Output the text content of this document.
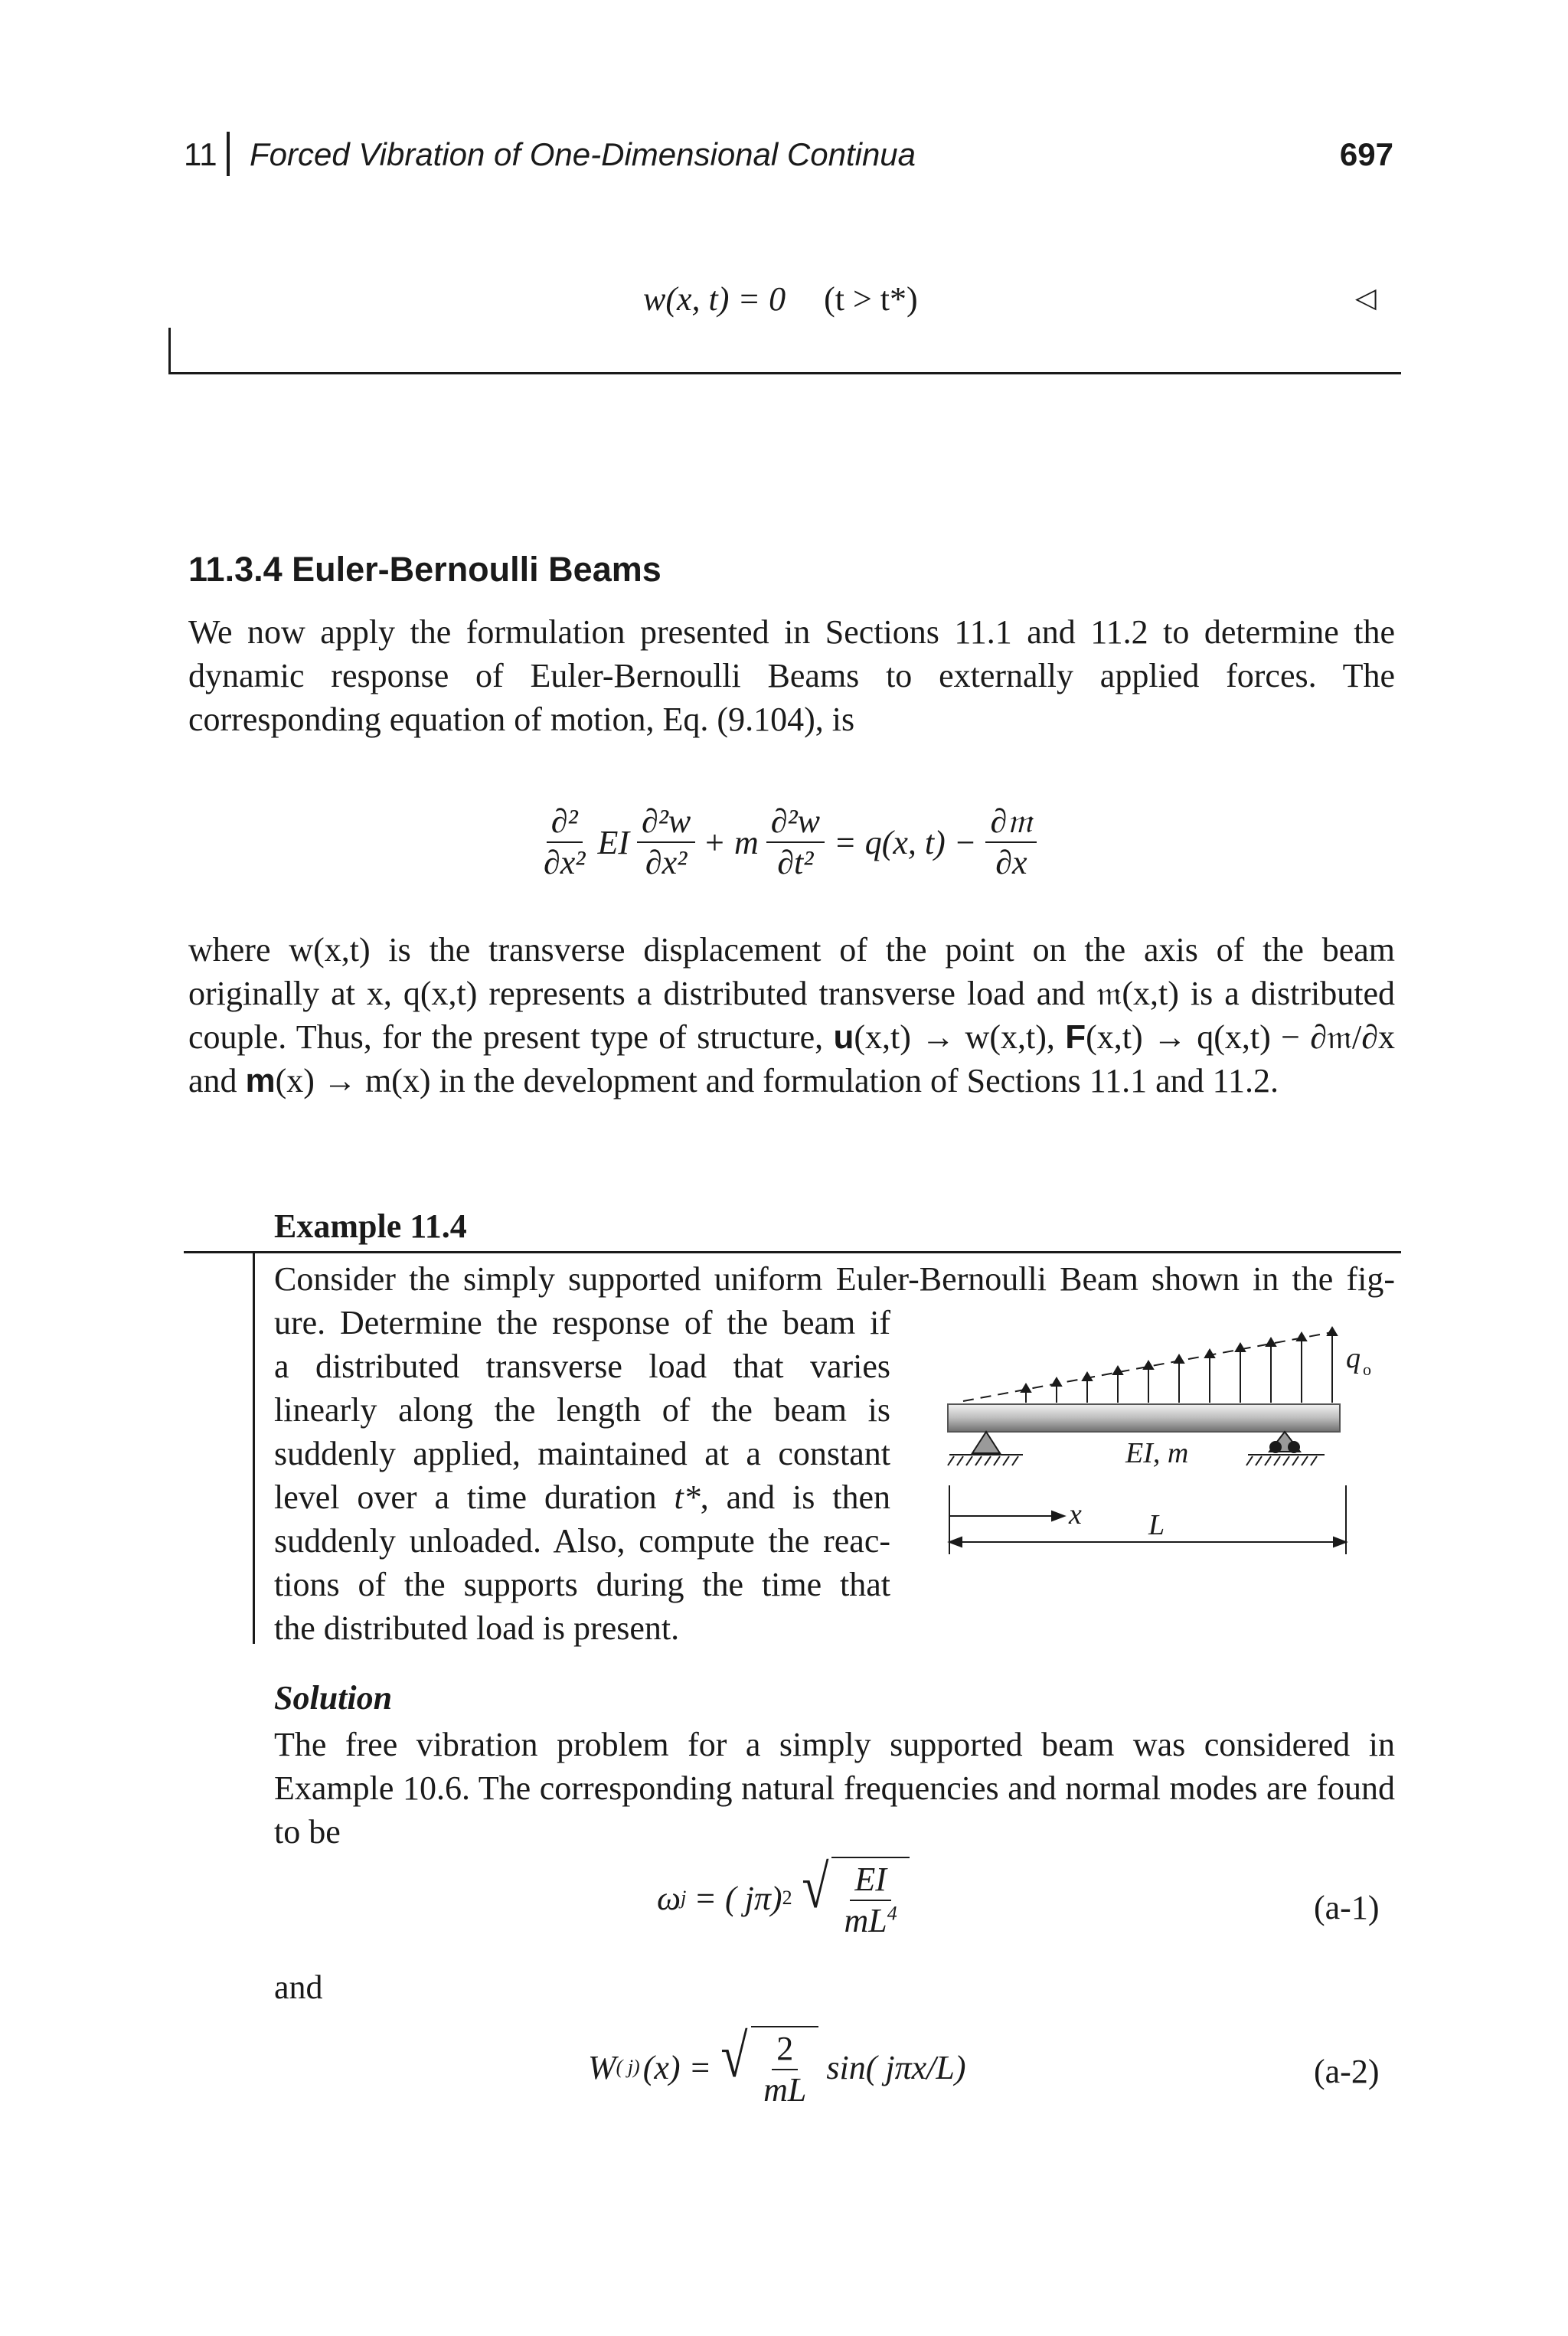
11 Forced Vibration of One-Dimensional Continua	697
w(x, t) = 0 (t > t*)	◁
11.3.4 Euler-Bernoulli Beams

We now apply the formulation presented in Sections 11.1 and 11.2 to determine the dynamic response of Euler-Bernoulli Beams to externally applied forces. The corresponding equation of motion, Eq. (9.104), is

$\frac{\text{∂²}}{\text{∂x²}}$ EI $\frac{\text{∂²w}}{\text{∂x²}} + m \frac{\text{∂²w}}{\text{∂t²}} = q(x$, $t) - \frac{\text{∂𝔪}}{\partial x}$

where w(x,t) is the transverse displacement of the point on the axis of the beam originally at x, q(x,t) represents a distributed transverse load and 𝔪(x,t) is a distributed couple. Thus, for the present type of structure, u(x,t) → w(x,t), F(x,t) → q(x,t) − ∂𝔪/∂x and m(x) → m(x) in the development and formulation of Sections 11.1 and 11.2.

Example 11.4
Consider the simply supported uniform Euler-Bernoulli Beam shown in the fig-

ure. Determine the response of the beam if

a distributed transverse load that varies

linearly along the length of the beam is

suddenly applied, maintained at a constant

level over a time duration t*, and is then

suddenly unloaded. Also, compute the reac-

tions of the supports during the time that

the distributed load is present.

q o
EI, m
x L
Solution

The free vibration problem for a simply supported beam was considered in Example 10.6. The corresponding natural frequencies and normal modes are found to be

ω j = ( jπ) 2 √ $\frac{EI}{mL^4}$	(a-1)
and
W ( j) (x) = √ $\frac{2}{mL} \sin$( jπx/L)	(a-2)
